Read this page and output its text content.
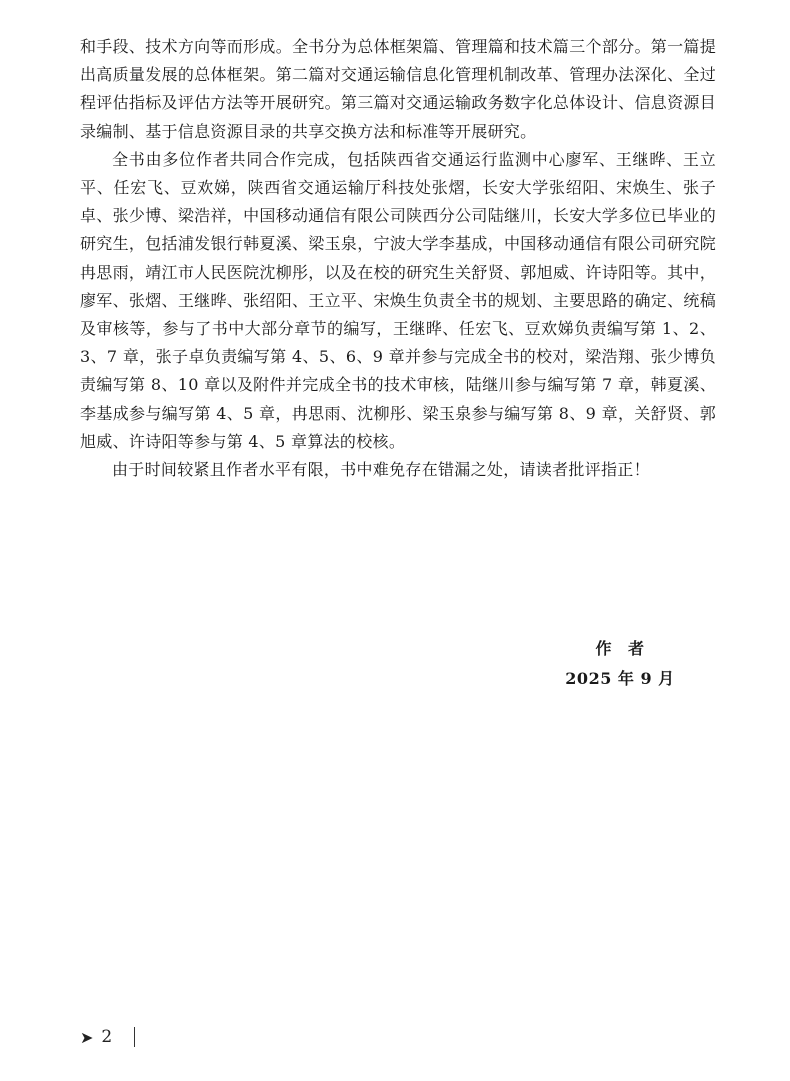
和手段、技术方向等而形成。全书分为总体框架篇、管理篇和技术篇三个部分。第一篇提出高质量发展的总体框架。第二篇对交通运输信息化管理机制改革、管理办法深化、全过程评估指标及评估方法等开展研究。第三篇对交通运输政务数字化总体设计、信息资源目录编制、基于信息资源目录的共享交换方法和标准等开展研究。

全书由多位作者共同合作完成，包括陕西省交通运行监测中心廖军、王继晔、王立平、任宏飞、豆欢娣，陕西省交通运输厅科技处张熠，长安大学张绍阳、宋焕生、张子卓、张少博、梁浩祥，中国移动通信有限公司陕西分公司陆继川，长安大学多位已毕业的研究生，包括浦发银行韩夏溪、梁玉泉，宁波大学李基成，中国移动通信有限公司研究院冉思雨，靖江市人民医院沈柳彤，以及在校的研究生关舒贤、郭旭威、许诗阳等。其中，廖军、张熠、王继晔、张绍阳、王立平、宋焕生负责全书的规划、主要思路的确定、统稿及审核等，参与了书中大部分章节的编写，王继晔、任宏飞、豆欢娣负责编写第 1、2、3、7 章，张子卓负责编写第 4、5、6、9 章并参与完成全书的校对，梁浩翔、张少博负责编写第 8、10 章以及附件并完成全书的技术审核，陆继川参与编写第 7 章，韩夏溪、李基成参与编写第 4、5 章，冉思雨、沈柳彤、梁玉泉参与编写第 8、9 章，关舒贤、郭旭威、许诗阳等参与第 4、5 章算法的校核。

由于时间较紧且作者水平有限，书中难免存在错漏之处，请读者批评指正！

作 者
2025 年 9 月
➤ 2
